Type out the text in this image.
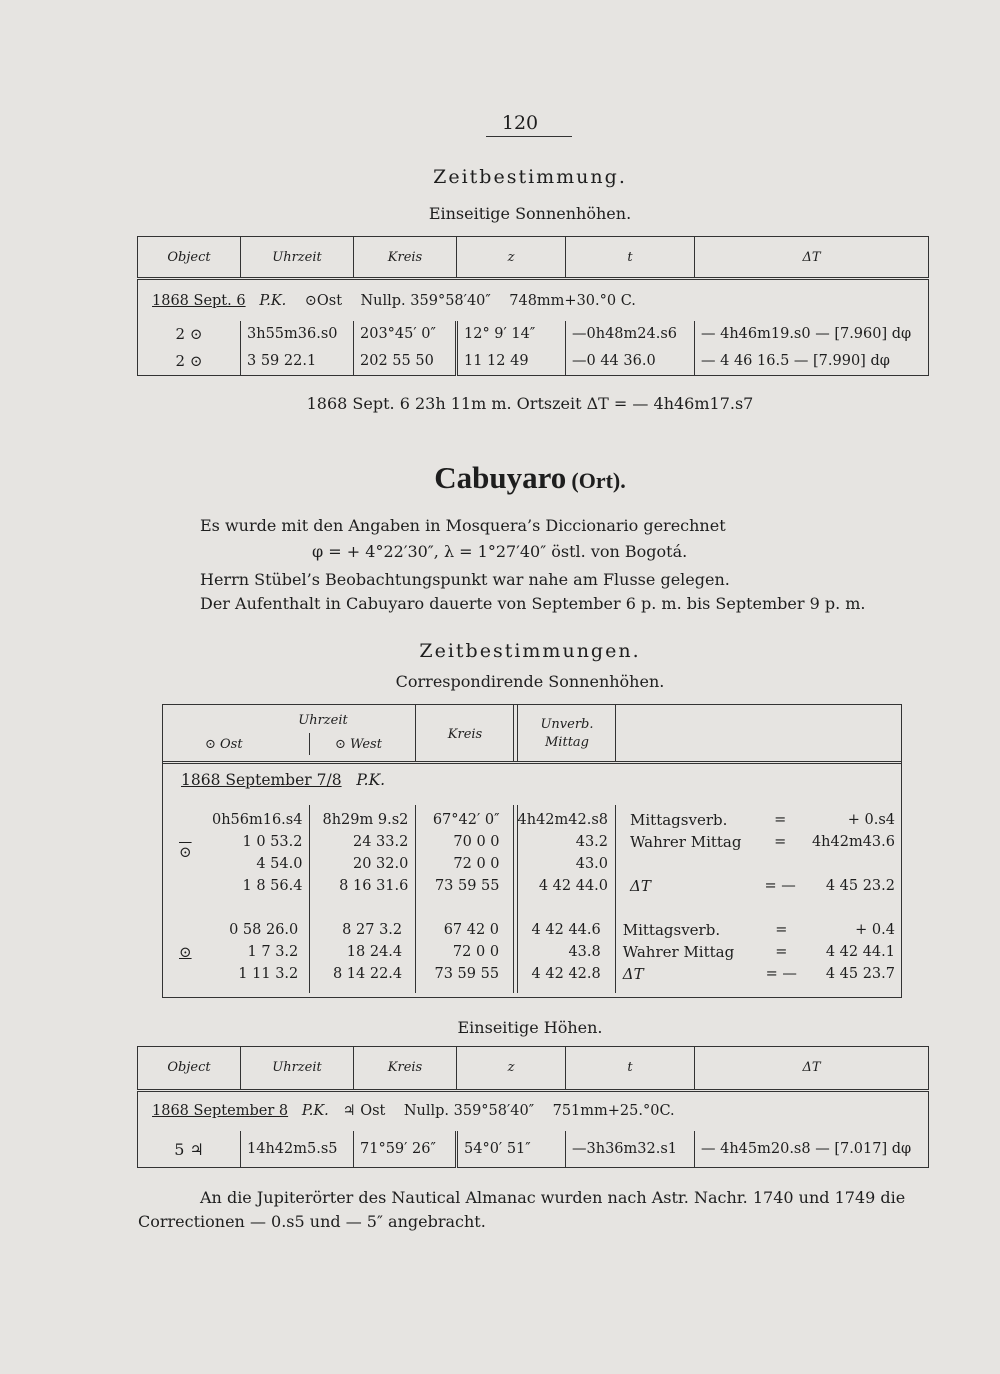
120
Zeitbestimmung.
Einseitige Sonnenhöhen.
Object	Uhrzeit	Kreis	z	t	ΔT
1868 Sept. 6 P.K. ⊙Ost Nullp. 359°58′40″ 748mm+30.°0 C.					
2 ⊙	3h55m36.s0	203°45′ 0″	12° 9′ 14″	—0h48m24.s6	— 4h46m19.s0 — [7.960] dφ
2 ⊙	3 59 22.1	202 55 50	11 12 49	—0 44 36.0	— 4 46 16.5 — [7.990] dφ
1868 Sept. 6 23h 11m m. Ortszeit ΔT = — 4h46m17.s7
Cabuyaro (Ort).
Es wurde mit den Angaben in Mosquera’s Diccionario gerechnet
φ = + 4°22′30″, λ = 1°27′40″ östl. von Bogotá.
Herrn Stübel’s Beobachtungspunkt war nahe am Flusse gelegen.
Der Aufenthalt in Cabuyaro dauerte von September 6 p. m. bis September 9 p. m.
Zeitbestimmungen.
Correspondirende Sonnenhöhen.
Uhrzeit
⊙ Ost	⊙ West
Kreis
Unverb.
Mittag
1868 September 7/8 P.K.
⊙
⊙
0h56m16.s4	8h29m 9.s2	67°42′ 0″	4h42m42.s8	Mittagsverb.	=	+ 0.s4
1 0 53.2	24 33.2	70 0 0	43.2	Wahrer Mittag	=	4h42m43.6
4 54.0	20 32.0	72 0 0	43.0			
1 8 56.4	8 16 31.6	73 59 55	4 42 44.0	ΔT	= —	4 45 23.2
0 58 26.0	8 27 3.2	67 42 0	4 42 44.6	Mittagsverb.	=	+ 0.4
1 7 3.2	18 24.4	72 0 0	43.8	Wahrer Mittag	=	4 42 44.1
1 11 3.2	8 14 22.4	73 59 55	4 42 42.8	ΔT	= —	4 45 23.7
Einseitige Höhen.
Object	Uhrzeit	Kreis	z	t	ΔT
1868 September 8 P.K. ♃ Ost Nullp. 359°58′40″ 751mm+25.°0C.					
5 ♃	14h42m5.s5	71°59′ 26″	54°0′ 51″	—3h36m32.s1	— 4h45m20.s8 — [7.017] dφ
An die Jupiterörter des Nautical Almanac wurden nach Astr. Nachr. 1740 und 1749 die
Correctionen — 0.s5 und — 5″ angebracht.
